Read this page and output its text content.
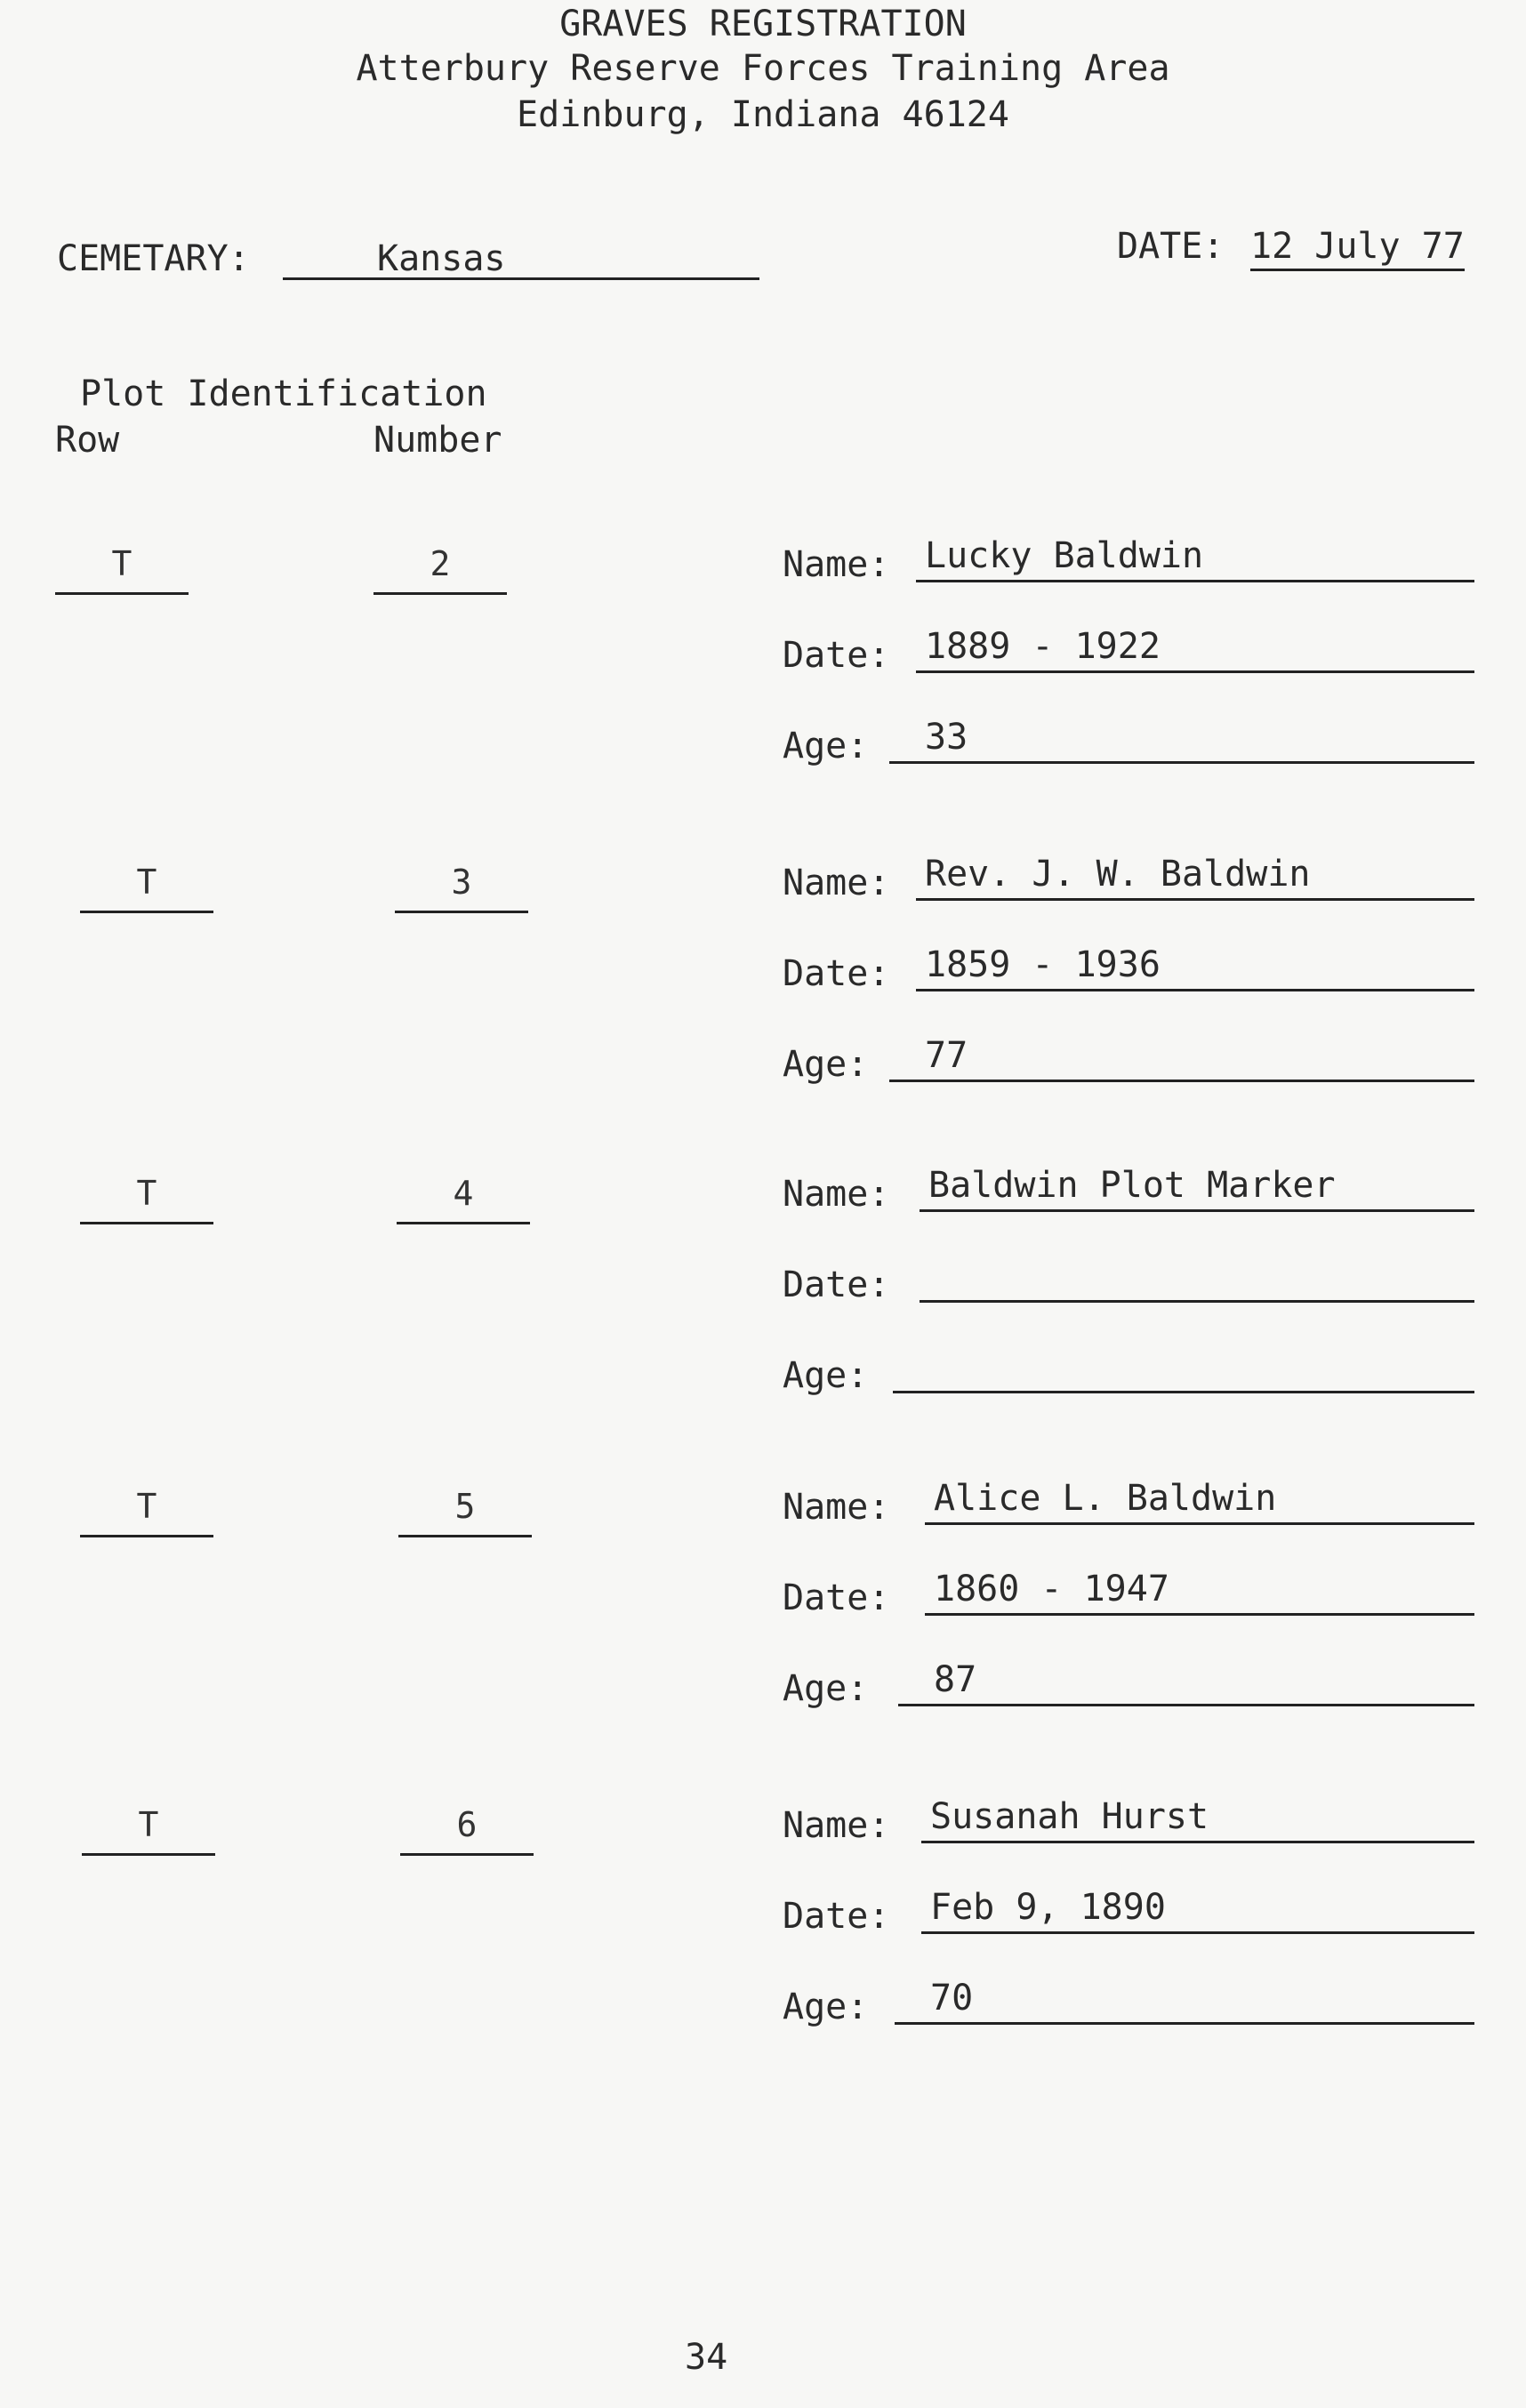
GRAVES REGISTRATION
Atterbury Reserve Forces Training Area
Edinburg, Indiana 46124
CEMETARY:	Kansas	DATE: 12 July 77
Plot Identification
Row	Number
T	2	Name: Lucky Baldwin
Date: 1889 - 1922
Age:	33
T	3	Name: Rev. J. W. Baldwin
Date: 1859 - 1936
Age:	77
T	4	Name:	Baldwin Plot Marker
Date:
Age:
T	5	Name:	Alice L. Baldwin
Date:	1860 - 1947
Age:	87
T	6	Name:	Susanah Hurst
Date:	Feb 9, 1890
Age:	70
34
